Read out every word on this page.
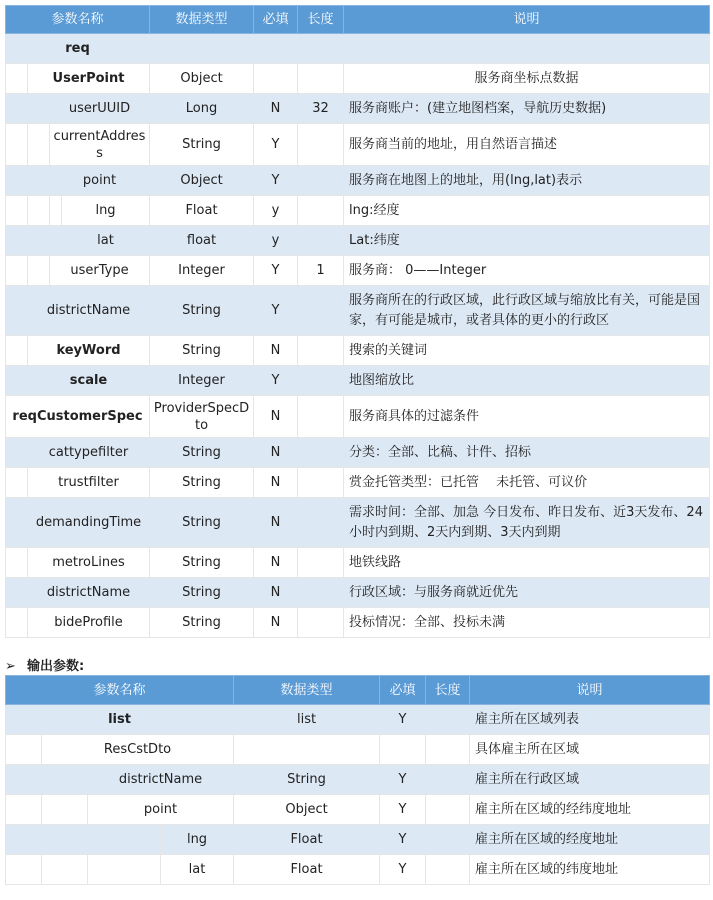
参数名称				数据类型	必填	长度	说明
req							
	UserPoint			Object			服务商坐标点数据
		userUUID		Long	N	32	服务商账户：(建立地图档案，导航历史数据)
		currentAddress		String	Y		服务商当前的地址，用自然语言描述
		point		Object	Y		服务商在地图上的地址，用(lng,lat)表示
			lng	Float	y		lng:经度
			lat	float	y		Lat:纬度
		userType		Integer	Y	1	服务商： 0——Integer
	districtName			String	Y		服务商所在的行政区域，此行政区域与缩放比有关，可能是国家，有可能是城市，或者具体的更小的行政区
	keyWord			String	N		搜索的关键词
	scale			Integer	Y		地图缩放比
reqCustomerSpec				ProviderSpecDto	N		服务商具体的过滤条件
	cattypefilter			String	N		分类：全部、比稿、计件、招标
	trustfilter			String	N		赏金托管类型：已托管　 未托管、可议价
	demandingTime			String	N		需求时间：全部、加急 今日发布、昨日发布、近3天发布、24小时内到期、2天内到期、3天内到期
	metroLines			String	N		地铁线路
	districtName			String	N		行政区域：与服务商就近优先
	bideProfile			String	N		投标情况：全部、投标未满
➢ 输出参数:
参数名称				数据类型	必填	长度	说明
list				list	Y		雇主所在区域列表
	ResCstDto						具体雇主所在区域
		districtName		String	Y		雇主所在行政区域
		point		Object	Y		雇主所在区域的经纬度地址
			lng	Float	Y		雇主所在区域的经度地址
			lat	Float	Y		雇主所在区域的纬度地址
